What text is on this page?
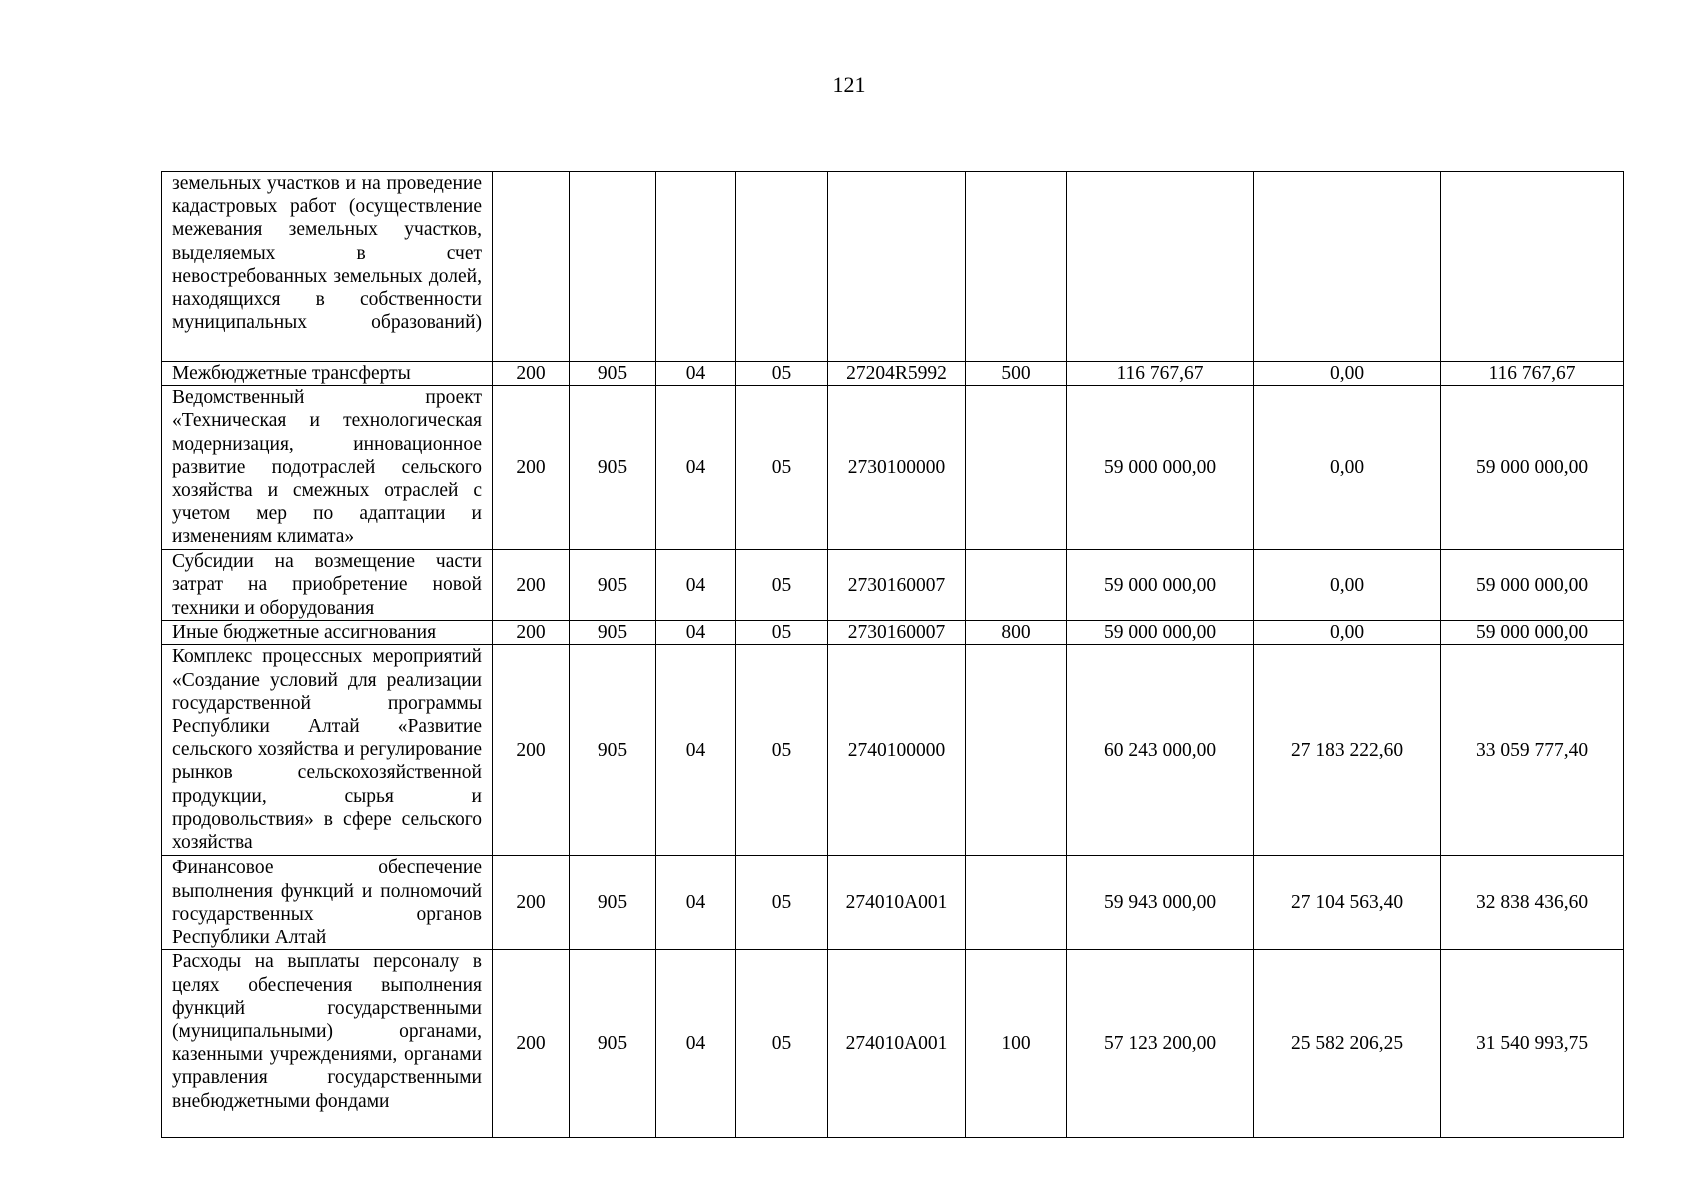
121
земельных участков и на проведение кадастровых работ (осуществление межевания земельных участков, выделяемых в счет невостребованных земельных долей, находящихся в собственности муниципальных образований)									
Межбюджетные трансферты	200	905	04	05	27204R5992	500	116 767,67	0,00	116 767,67
Ведомственный проект «Техническая и технологическая модернизация, инновационное развитие подотраслей сельского хозяйства и смежных отраслей с учетом мер по адаптации и изменениям климата»	200	905	04	05	2730100000		59 000 000,00	0,00	59 000 000,00
Субсидии на возмещение части затрат на приобретение новой техники и оборудования	200	905	04	05	2730160007		59 000 000,00	0,00	59 000 000,00
Иные бюджетные ассигнования	200	905	04	05	2730160007	800	59 000 000,00	0,00	59 000 000,00
Комплекс процессных мероприятий «Создание условий для реализации государственной программы Республики Алтай «Развитие сельского хозяйства и регулирование рынков сельскохозяйственной продукции, сырья и продовольствия» в сфере сельского хозяйства	200	905	04	05	2740100000		60 243 000,00	27 183 222,60	33 059 777,40
Финансовое обеспечение выполнения функций и полномочий государственных органов Республики Алтай	200	905	04	05	274010А001		59 943 000,00	27 104 563,40	32 838 436,60
Расходы на выплаты персоналу в целях обеспечения выполнения функций государственными (муниципальными) органами, казенными учреждениями, органами управления государственными внебюджетными фондами	200	905	04	05	274010А001	100	57 123 200,00	25 582 206,25	31 540 993,75
